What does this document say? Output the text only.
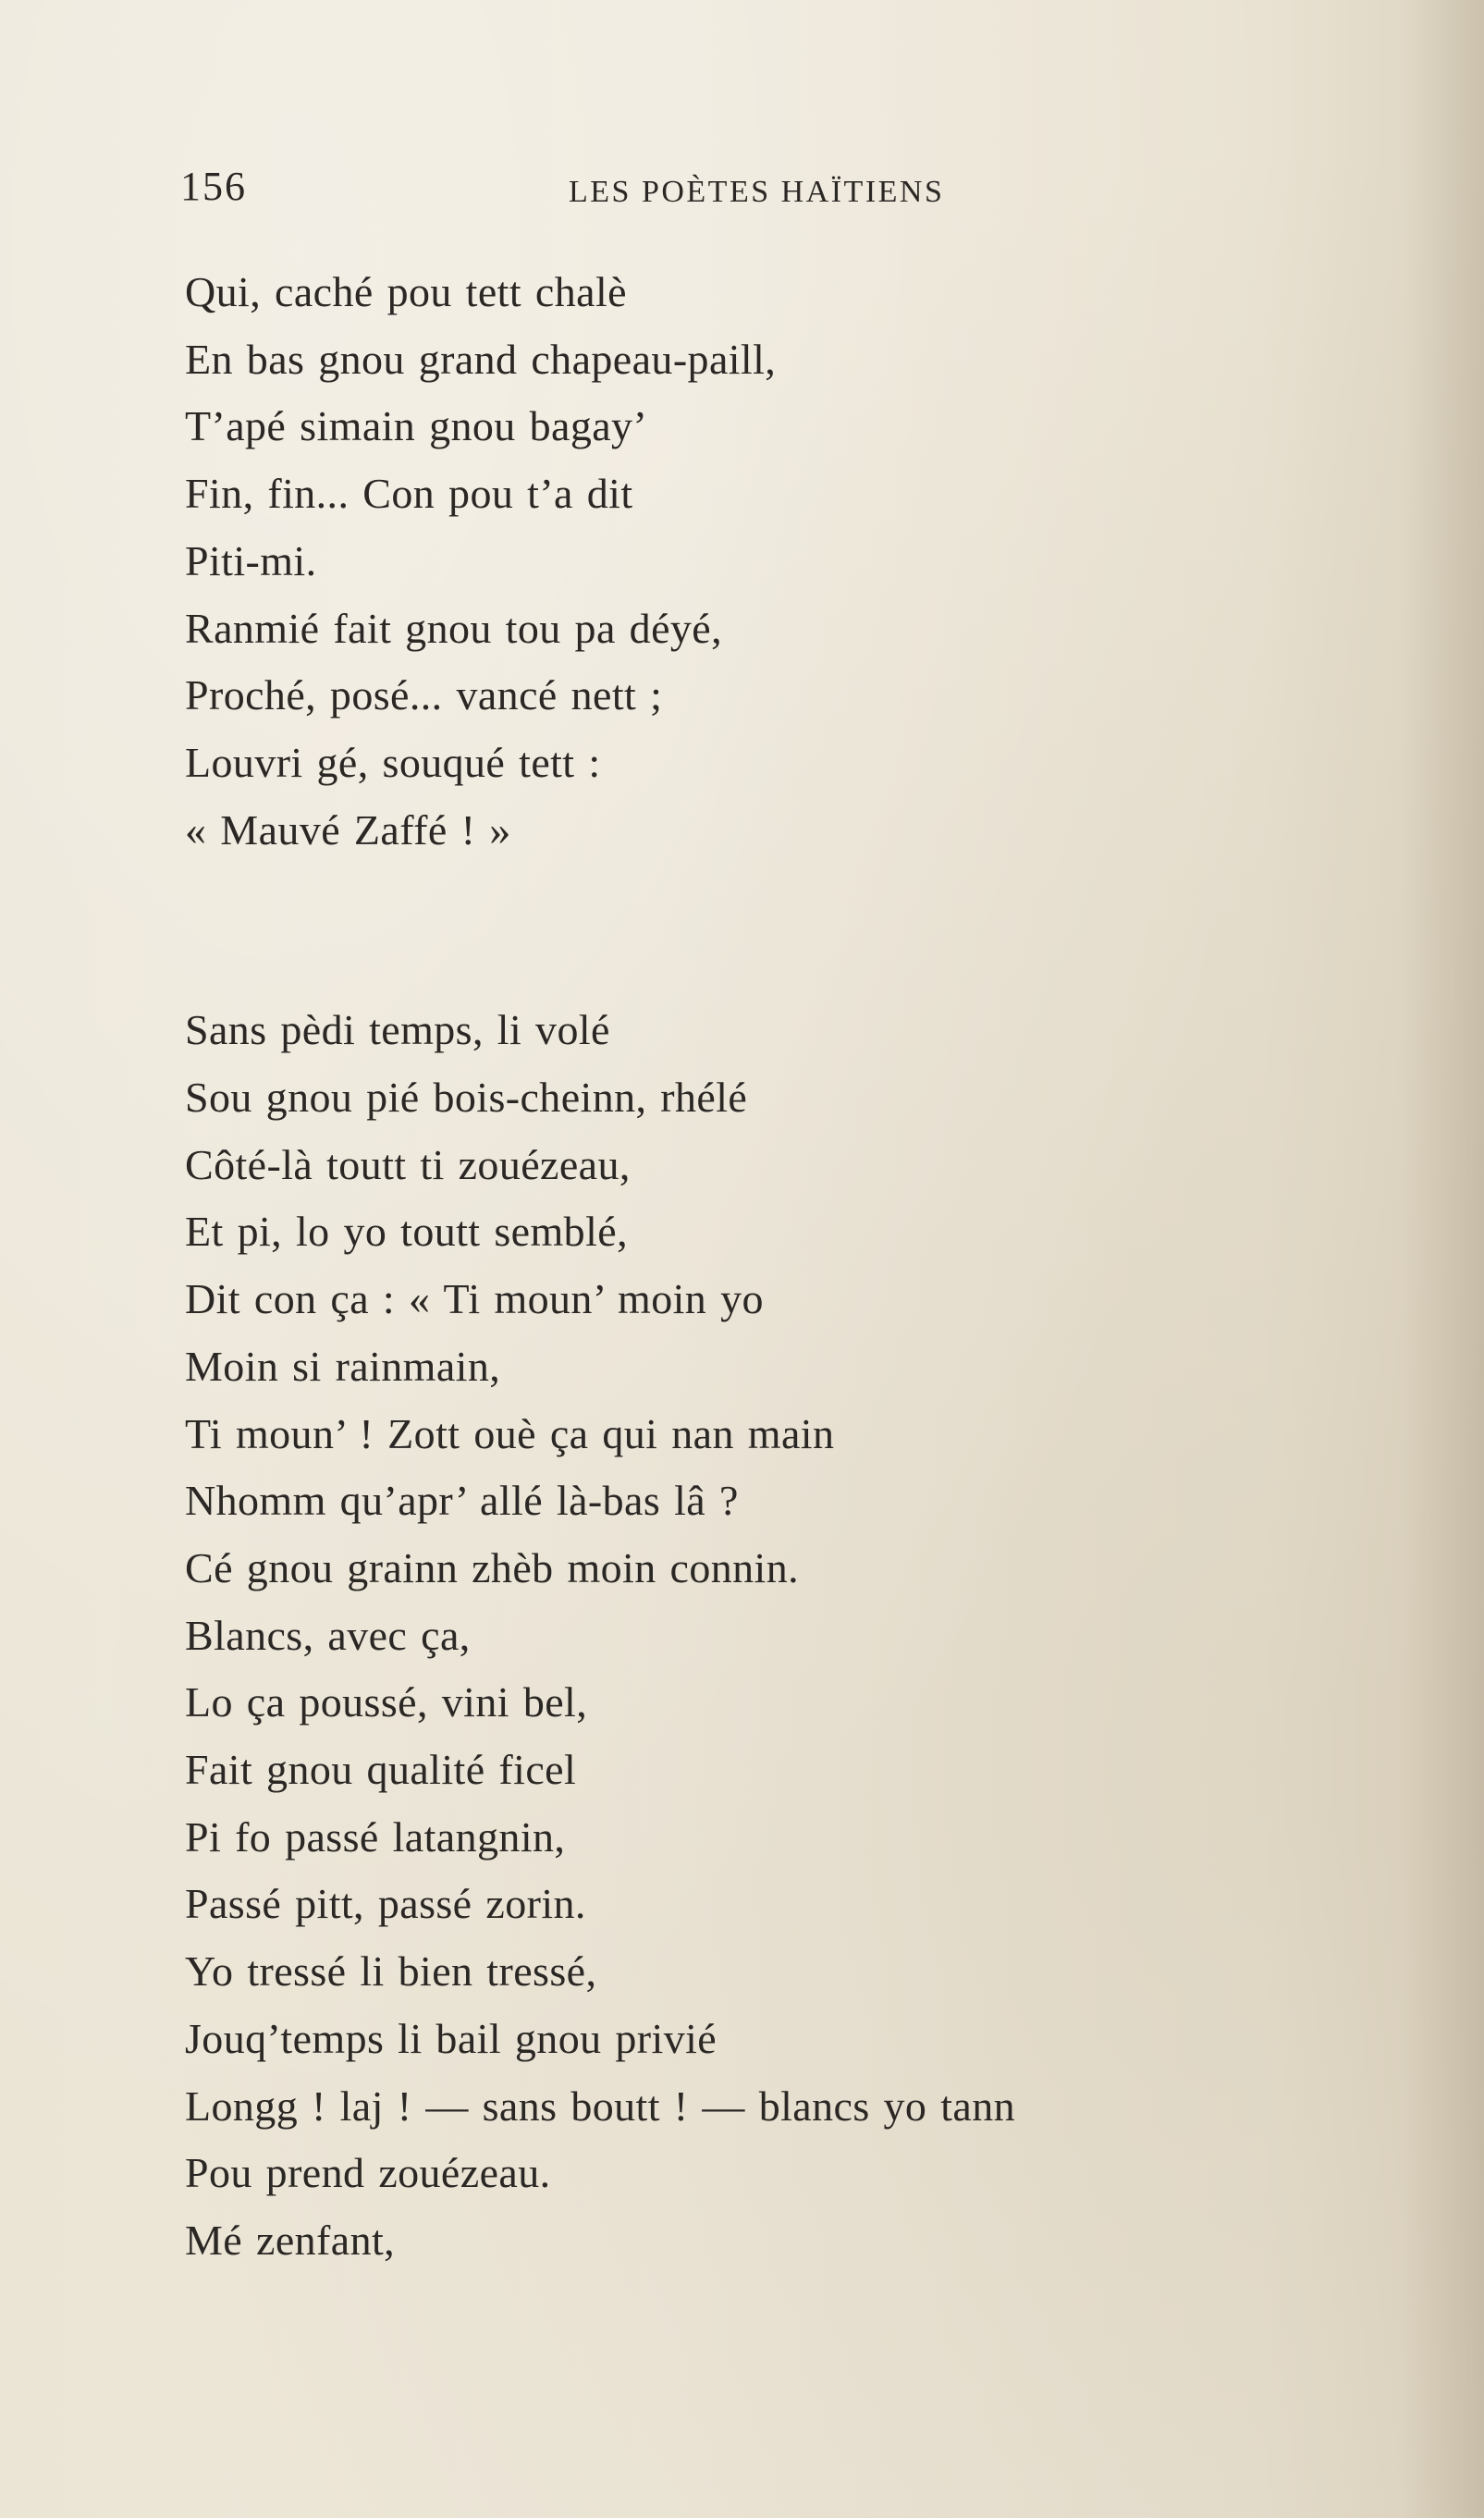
156	LES POÈTES HAÏTIENS

Qui, caché pou tett chalè
En bas gnou grand chapeau-paill,
T’apé simain gnou bagay’
Fin, fin... Con pou t’a dit
Piti-mi.
Ranmié fait gnou tou pa déyé,
Proché, posé... vancé nett ;
Louvri gé, souqué tett :
« Mauvé Zaffé ! »

Sans pèdi temps, li volé
Sou gnou pié bois-cheinn, rhélé
Côté-là toutt ti zouézeau,
Et pi, lo yo toutt semblé,
Dit con ça : « Ti moun’ moin yo
Moin si rainmain,
Ti moun’ ! Zott ouè ça qui nan main
Nhomm qu’apr’ allé là-bas lâ ?
Cé gnou grainn zhèb moin connin.
Blancs, avec ça,
Lo ça poussé, vini bel,
Fait gnou qualité ficel
Pi fo passé latangnin,
Passé pitt, passé zorin.
Yo tressé li bien tressé,
Jouq’temps li bail gnou privié
Longg ! laj ! — sans boutt ! — blancs yo tann
Pou prend zouézeau.
Mé zenfant,
